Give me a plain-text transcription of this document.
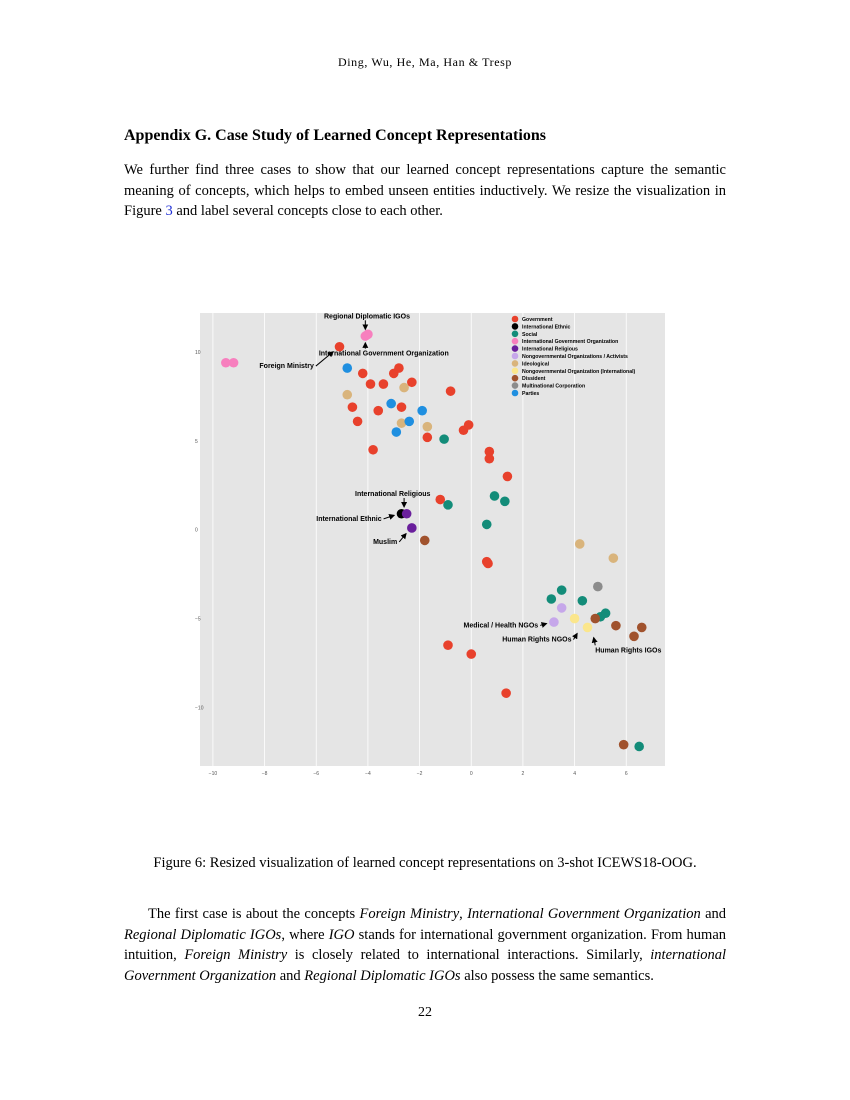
Ding, Wu, He, Ma, Han & Tresp
Appendix G. Case Study of Learned Concept Representations

We further find three cases to show that our learned concept representations capture the semantic meaning of concepts, which helps to embed unseen entities inductively. We resize the visualization in Figure 3 and label several concepts close to each other.

Regional Diplomatic IGOs
International Government Organization
Foreign Ministry
International Religious
International Ethnic
Muslim
Medical / Health NGOs
Human Rights NGOs
Human Rights IGOs
−10	−8	−6	−4	−2	0	2	4	6
10
5
0
−5
−10
Government
International Ethnic
Social
International Government Organization
International Religious
Nongovernmental Organizations / Activists
Ideological
Nongovernmental Organization (International)
Dissident
Multinational Corporation
Parties
Figure 6: Resized visualization of learned concept representations on 3-shot ICEWS18-OOG.

The first case is about the concepts Foreign Ministry, International Government Organization and Regional Diplomatic IGOs, where IGO stands for international government organization. From human intuition, Foreign Ministry is closely related to international interactions. Similarly, international Government Organization and Regional Diplomatic IGOs also possess the same semantics.

22
